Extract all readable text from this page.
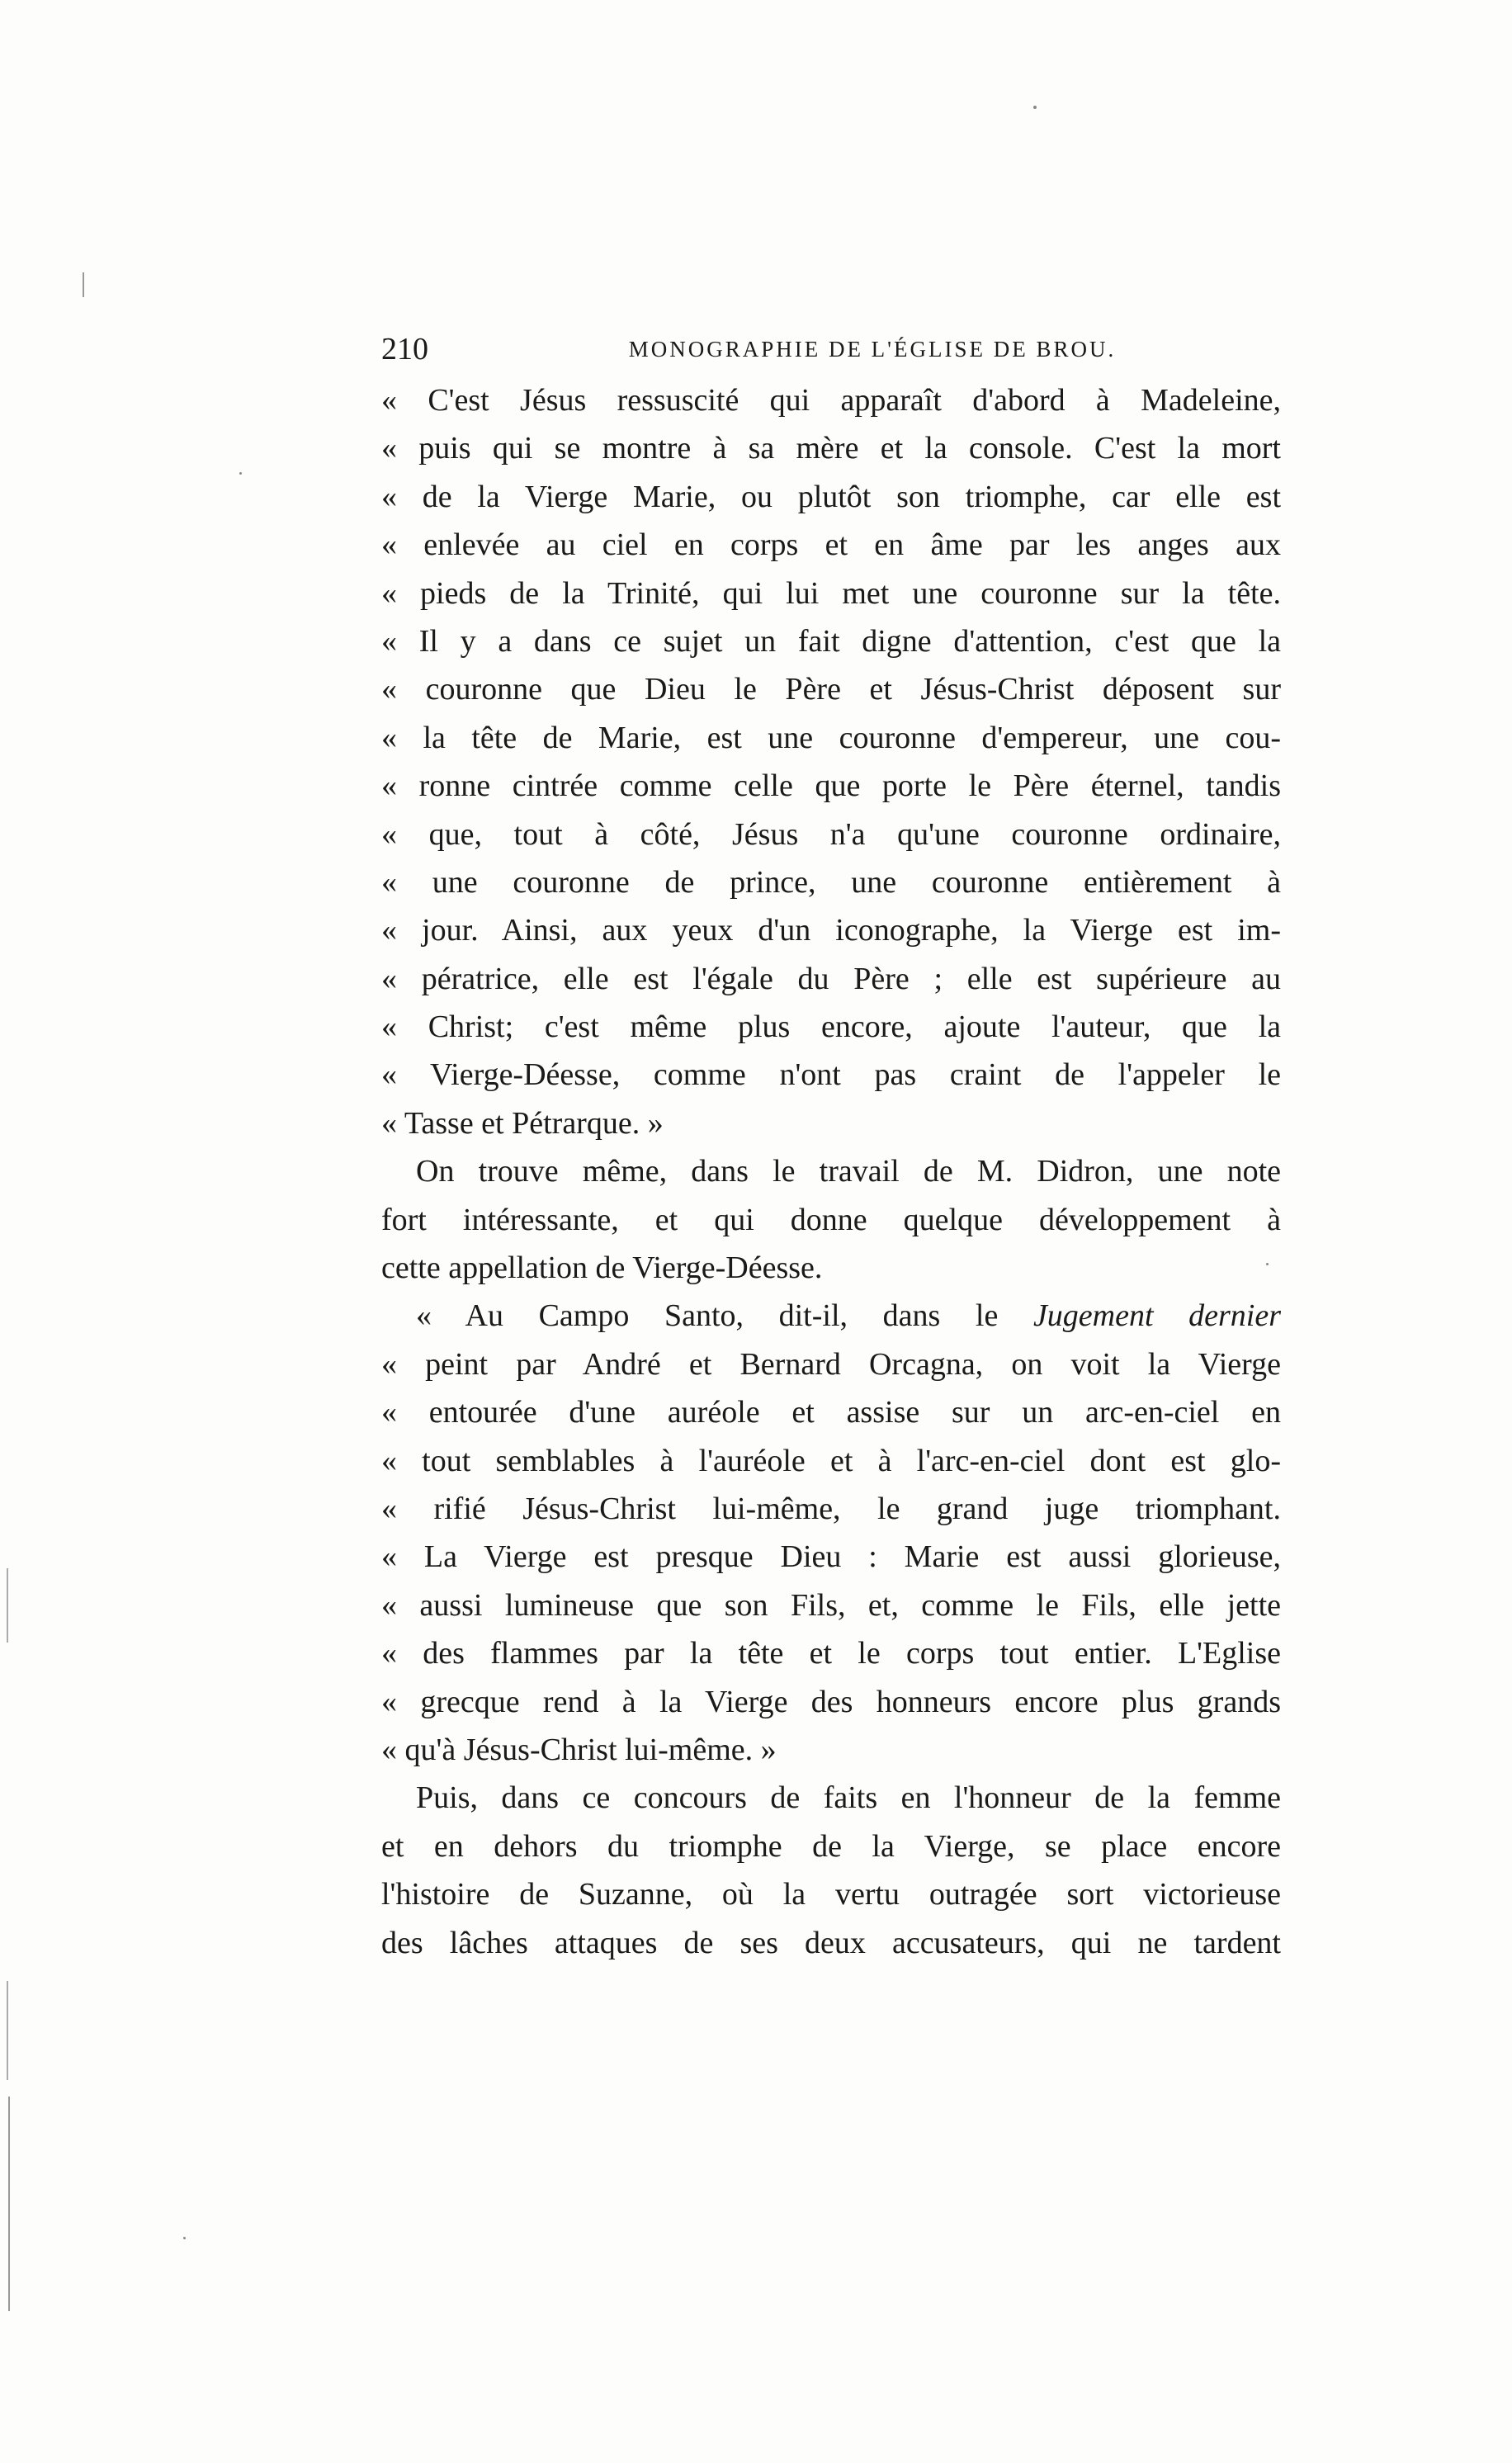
210	MONOGRAPHIE DE L'ÉGLISE DE BROU.
« C'est Jésus ressuscité qui apparaît d'abord à Madeleine,
« puis qui se montre à sa mère et la console. C'est la mort
« de la Vierge Marie, ou plutôt son triomphe, car elle est
« enlevée au ciel en corps et en âme par les anges aux
« pieds de la Trinité, qui lui met une couronne sur la tête.
« Il y a dans ce sujet un fait digne d'attention, c'est que la
« couronne que Dieu le Père et Jésus-Christ déposent sur
« la tête de Marie, est une couronne d'empereur, une cou-
« ronne cintrée comme celle que porte le Père éternel, tandis
« que, tout à côté, Jésus n'a qu'une couronne ordinaire,
« une couronne de prince, une couronne entièrement à
« jour. Ainsi, aux yeux d'un iconographe, la Vierge est im-
« pératrice, elle est l'égale du Père ; elle est supérieure au
« Christ; c'est même plus encore, ajoute l'auteur, que la
« Vierge-Déesse, comme n'ont pas craint de l'appeler le
« Tasse et Pétrarque. »
On trouve même, dans le travail de M. Didron, une note
fort intéressante, et qui donne quelque développement à
cette appellation de Vierge-Déesse.
« Au Campo Santo, dit-il, dans le Jugement dernier
« peint par André et Bernard Orcagna, on voit la Vierge
« entourée d'une auréole et assise sur un arc-en-ciel en
« tout semblables à l'auréole et à l'arc-en-ciel dont est glo-
« rifié Jésus-Christ lui-même, le grand juge triomphant.
« La Vierge est presque Dieu : Marie est aussi glorieuse,
« aussi lumineuse que son Fils, et, comme le Fils, elle jette
« des flammes par la tête et le corps tout entier. L'Eglise
« grecque rend à la Vierge des honneurs encore plus grands
« qu'à Jésus-Christ lui-même. »
Puis, dans ce concours de faits en l'honneur de la femme
et en dehors du triomphe de la Vierge, se place encore
l'histoire de Suzanne, où la vertu outragée sort victorieuse
des lâches attaques de ses deux accusateurs, qui ne tardent
